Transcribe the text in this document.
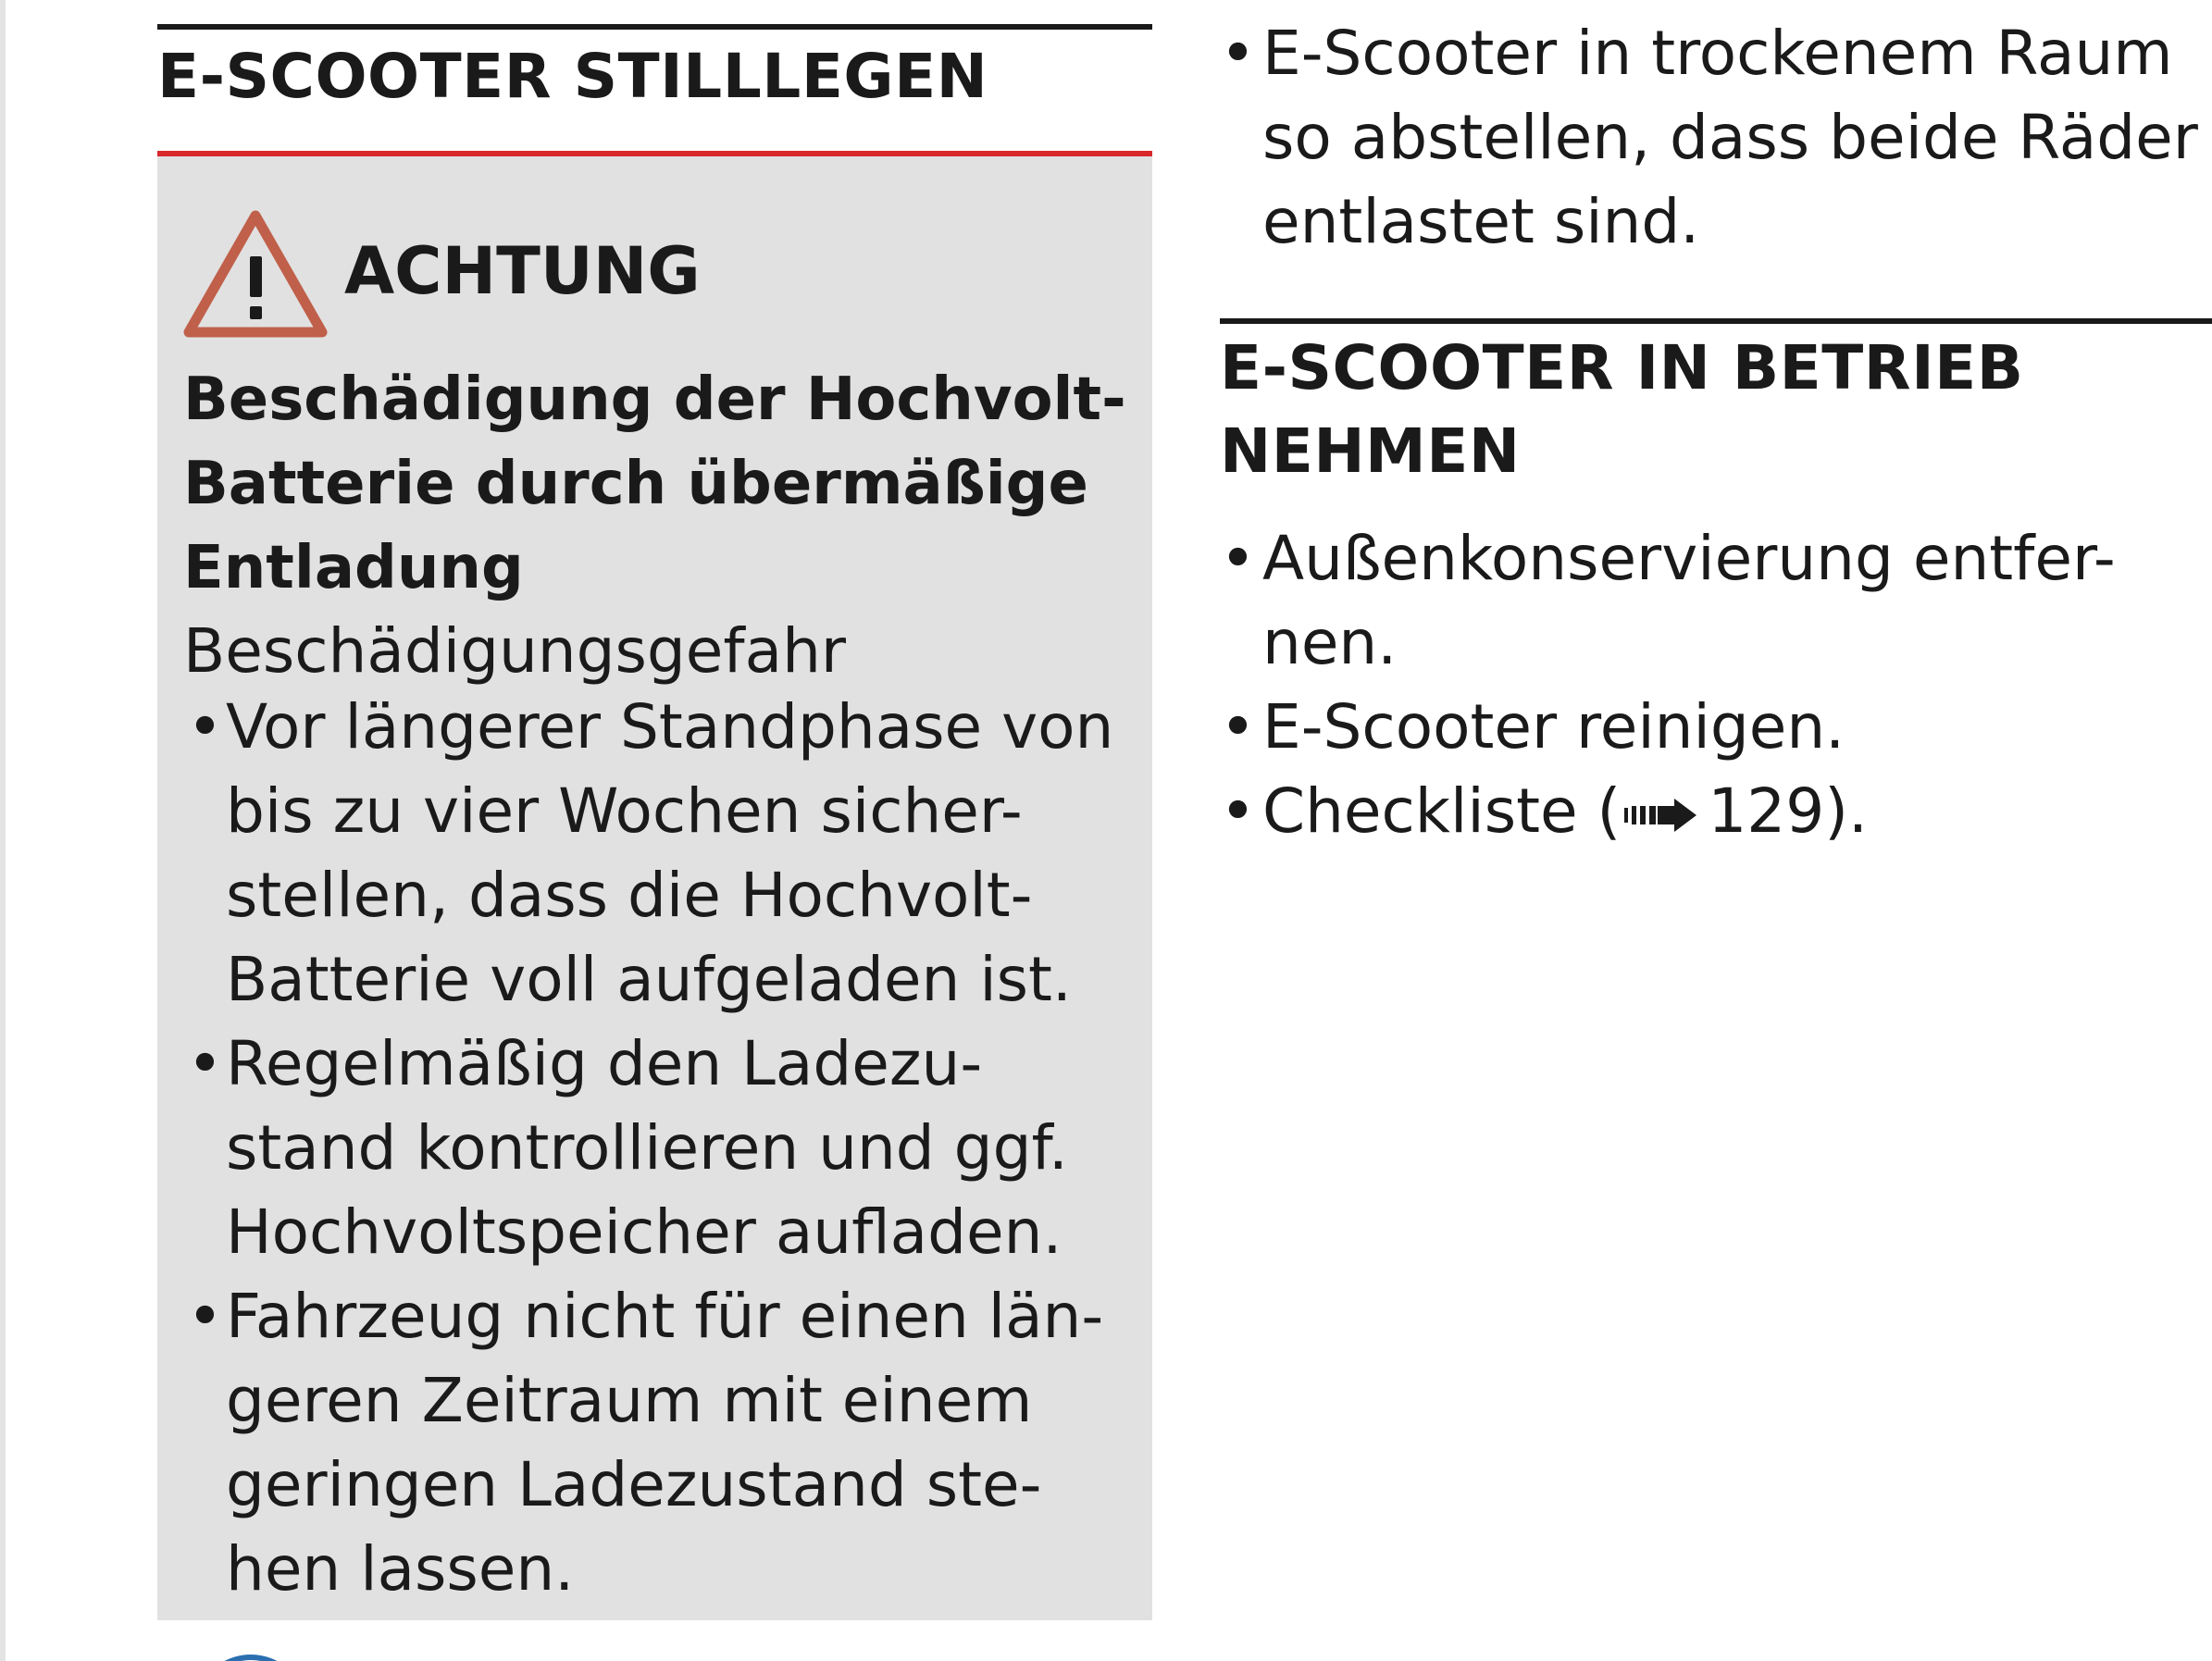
E-SCOOTER STILLLEGEN
ACHTUNG

Beschädigung der Hochvolt-Batterie durch übermäßige Entladung

Beschädigungsgefahr
• Vor längerer Standphase von bis zu vier Wochen sicher-stellen, dass die Hochvolt-Batterie voll aufgeladen ist.
• Regelmäßig den Ladezu-stand kontrollieren und ggf. Hochvoltspeicher aufladen.
• Fahrzeug nicht für einen län-geren Zeitraum mit einem geringen Ladezustand ste-hen lassen.
• E-Scooter in trockenem Raum so abstellen, dass beide Räder entlastet sind.
E-SCOOTER IN BETRIEB NEHMEN
• Außenkonservierung entfer-nen.
• E-Scooter reinigen.
• Checkliste ( 129).
